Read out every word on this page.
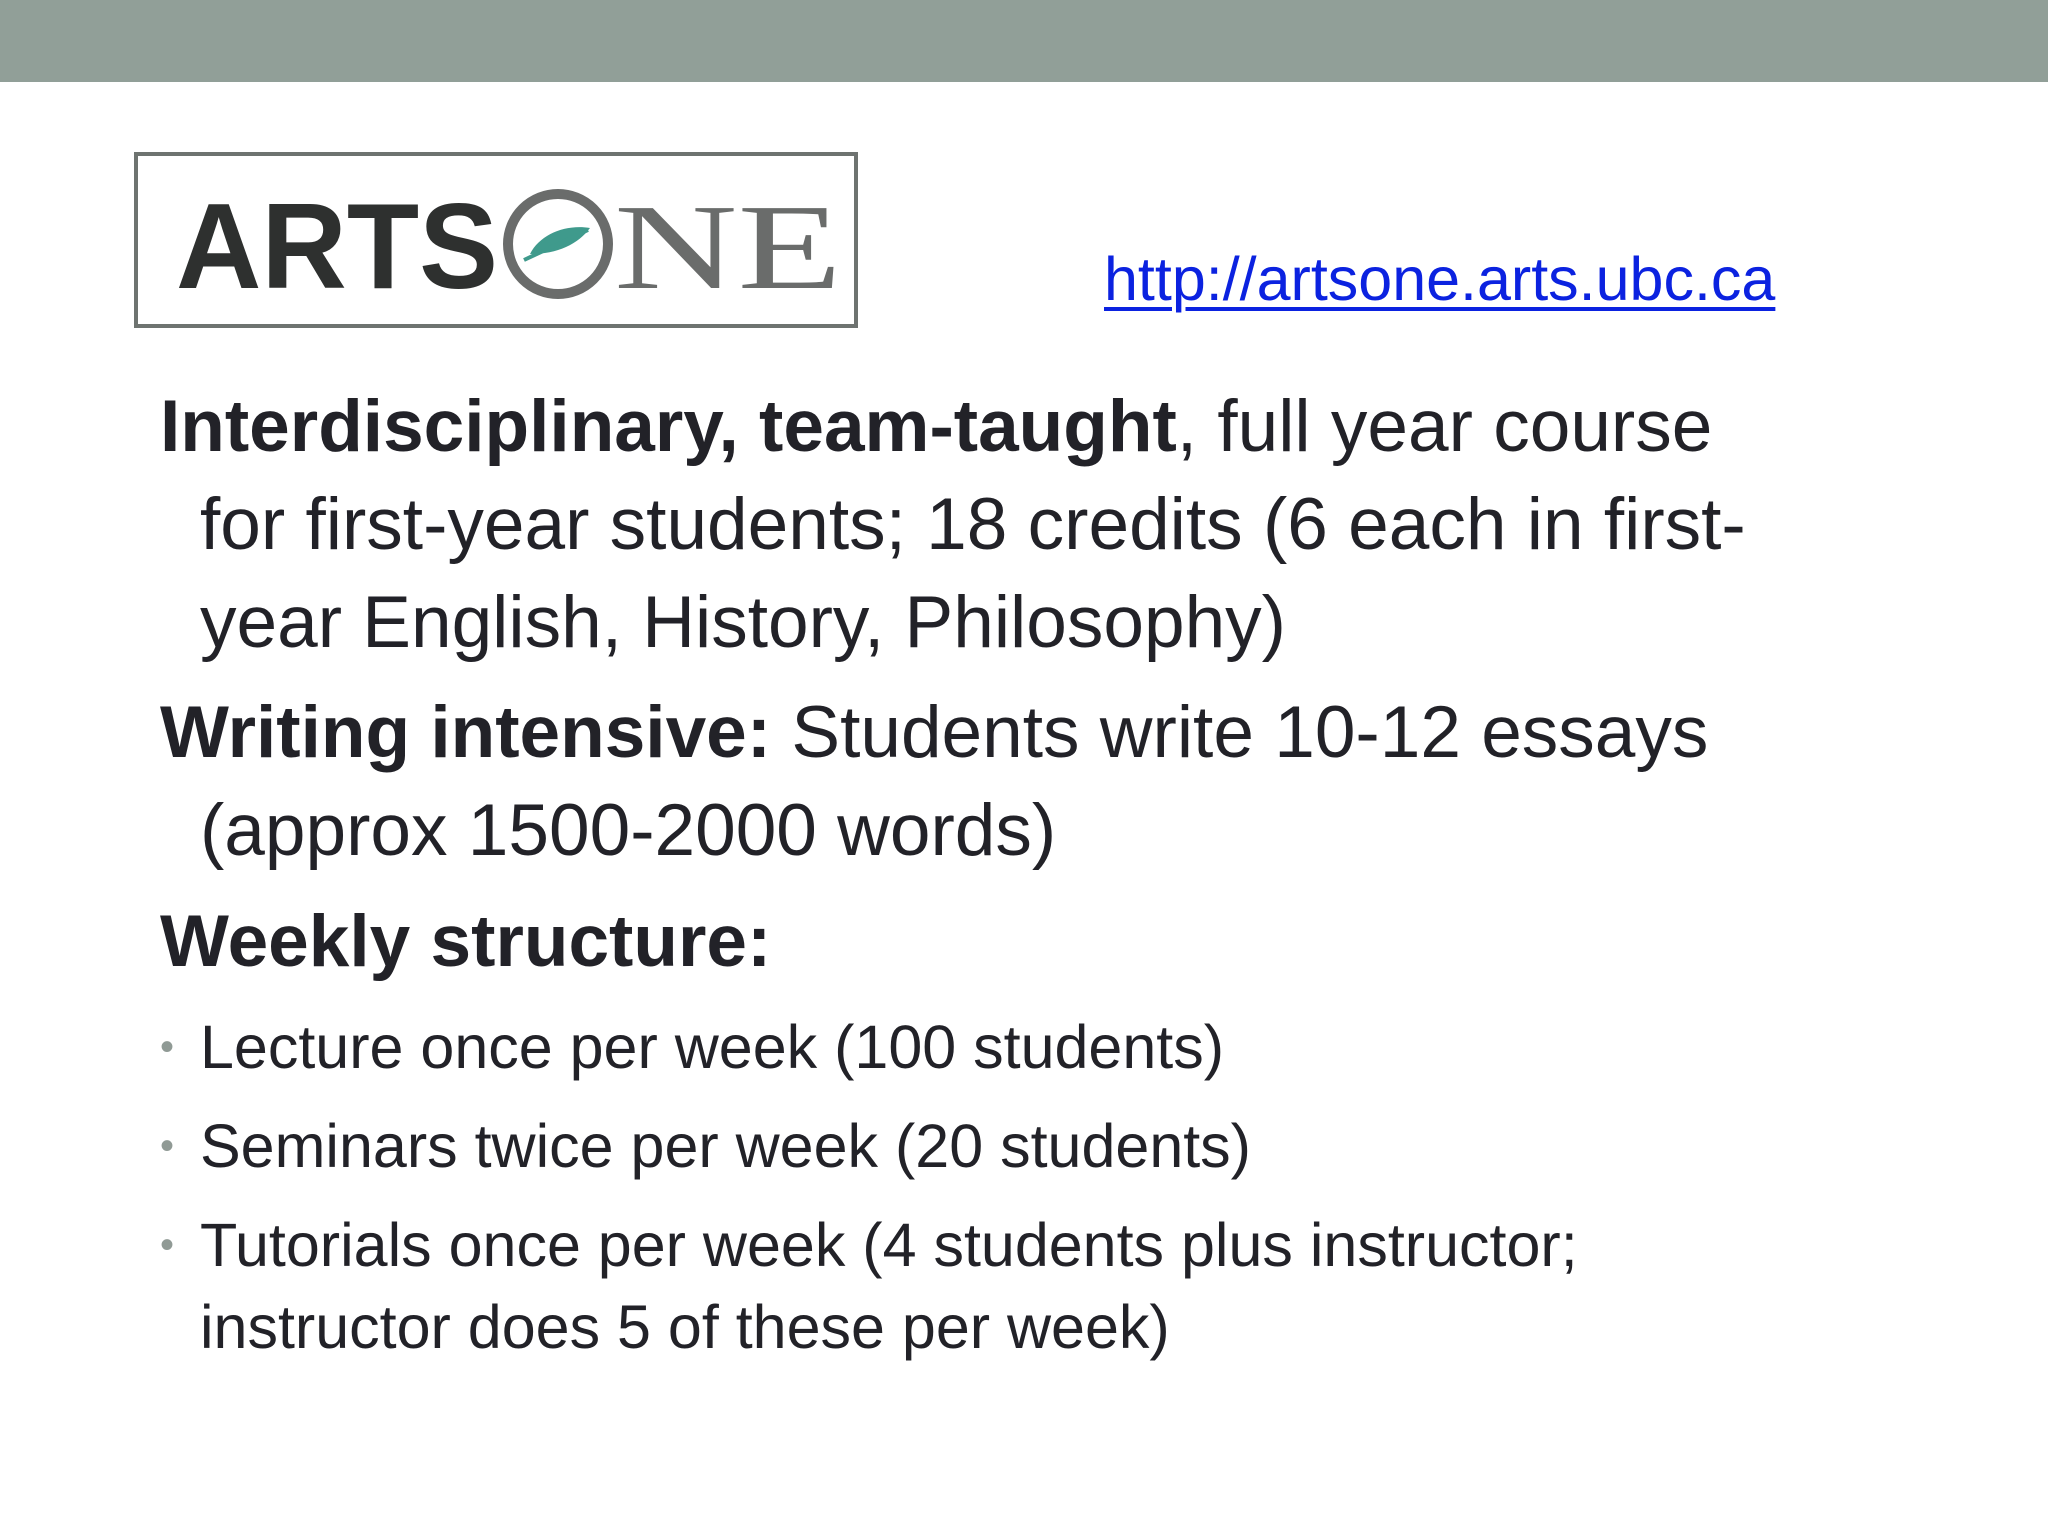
ARTS NE	http://artsone.arts.ubc.ca

Interdisciplinary, team-taught, full year course
for first-year students; 18 credits (6 each in first-
year English, History, Philosophy)

Writing intensive: Students write 10-12 essays
(approx 1500-2000 words)

Weekly structure:

• Lecture once per week (100 students)
• Seminars twice per week (20 students)
• Tutorials once per week (4 students plus instructor;
instructor does 5 of these per week)
